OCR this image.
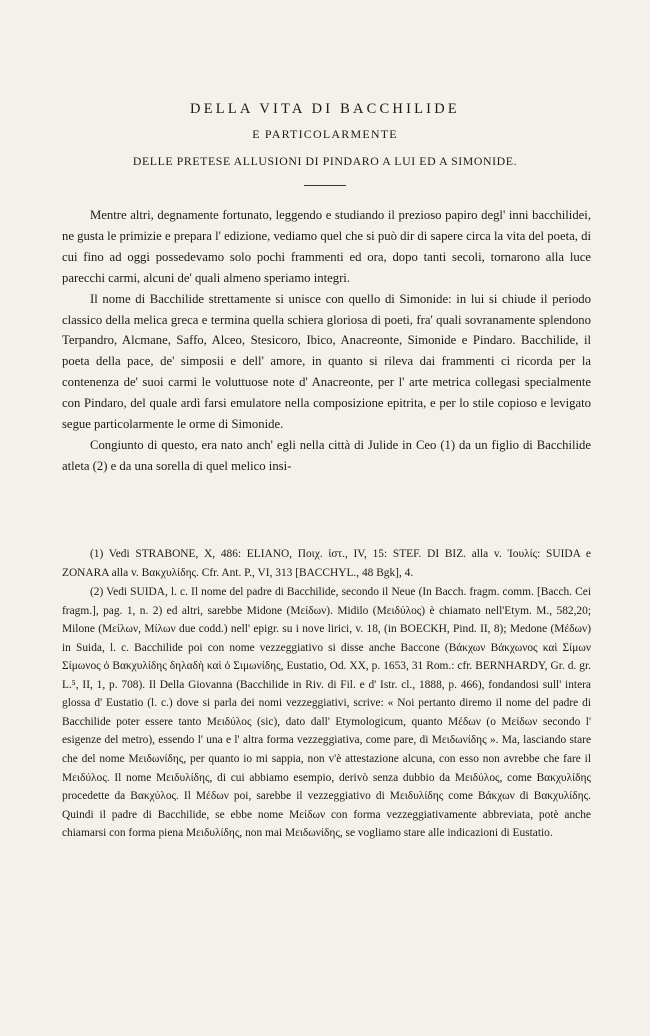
DELLA VITA DI BACCHILIDE
E PARTICOLARMENTE
DELLE PRETESE ALLUSIONI DI PINDARO A LUI ED A SIMONIDE.

Mentre altri, degnamente fortunato, leggendo e studiando il prezioso papiro degl' inni bacchilidei, ne gusta le primizie e prepara l' edizione, vediamo quel che si può dir di sapere circa la vita del poeta, di cui fino ad oggi possedevamo solo pochi frammenti ed ora, dopo tanti secoli, tornarono alla luce parecchi carmi, alcuni de' quali almeno speriamo integri.

Il nome di Bacchilide strettamente si unisce con quello di Simonide: in lui si chiude il periodo classico della melica greca e termina quella schiera gloriosa di poeti, fra' quali sovranamente splendono Terpandro, Alcmane, Saffo, Alceo, Stesicoro, Ibico, Anacreonte, Simonide e Pindaro. Bacchilide, il poeta della pace, de' simposii e dell' amore, in quanto si rileva dai frammenti ci ricorda per la contenenza de' suoi carmi le voluttuose note d' Anacreonte, per l' arte metrica collegasi specialmente con Pindaro, del quale ardì farsi emulatore nella composizione epitrita, e per lo stile copioso e levigato segue particolarmente le orme di Simonide.

Congiunto di questo, era nato anch' egli nella città di Julide in Ceo (1) da un figlio di Bacchilide atleta (2) e da una sorella di quel melico insi-

(1) Vedi STRABONE, X, 486: ELIANO, Ποιχ. ἱστ., IV, 15: STEF. DI BIZ. alla v. Ἰουλίς: SUIDA e ZONARA alla v. Βακχυλίδης. Cfr. Ant. P., VI, 313 [BACCHYL., 48 Bgk], 4.

(2) Vedi SUIDA, l. c. Il nome del padre di Bacchilide, secondo il Neue (In Bacch. fragm. comm. [Bacch. Cei fragm.], pag. 1, n. 2) ed altri, sarebbe Midone (Μείδων). Midilo (Μειδύλος) è chiamato nell'Etym. M., 582,20; Milone (Μείλων, Μίλων due codd.) nell' epigr. su i nove lirici, v. 18, (in BOECKH, Pind. II, 8); Medone (Μέδων) in Suida, l. c. Bacchilide poi con nome vezzeggiativo si disse anche Baccone (Βάκχων Βάκχωνος καὶ Σίμων Σίμωνος ὁ Βακχυλίδης δηλαδὴ καὶ ὁ Σιμωνίδης, Eustatio, Od. XX, p. 1653, 31 Rom.: cfr. BERNHARDY, Gr. d. gr. L.⁵, II, 1, p. 708). Il Della Giovanna (Bacchilide in Riv. di Fil. e d' Istr. cl., 1888, p. 466), fondandosi sull' intera glossa d' Eustatio (l. c.) dove si parla dei nomi vezzeggiativi, scrive: « Noi pertanto diremo il nome del padre di Bacchilide poter essere tanto Μειδύλος (sic), dato dall' Etymologicum, quanto Μέδων (o Μείδων secondo l' esigenze del metro), essendo l' una e l' altra forma vezzeggiativa, come pare, di Μειδωνίδης ». Ma, lasciando stare che del nome Μειδωνίδης, per quanto io mi sappia, non v'è attestazione alcuna, con esso non avrebbe che fare il Μειδύλος. Il nome Μειδυλίδης, di cui abbiamo esempio, derivò senza dubbio da Μειδύλος, come Βακχυλίδης procedette da Βακχύλος. Il Μέδων poi, sarebbe il vezzeggiativo di Μειδυλίδης come Βάκχων di Βακχυλίδης. Quindi il padre di Bacchilide, se ebbe nome Μείδων con forma vezzeggiativamente abbreviata, potè anche chiamarsi con forma piena Μειδυλίδης, non mai Μειδωνίδης, se vogliamo stare alle indicazioni di Eustatio.
